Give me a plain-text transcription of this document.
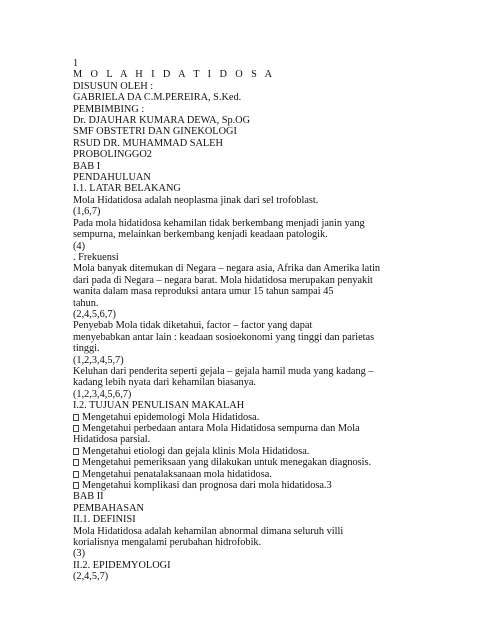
1
M O L A H I D A T I D O S A
DISUSUN OLEH :
GABRIELA DA C.M.PEREIRA, S.Ked.
PEMBIMBING :
Dr. DJAUHAR KUMARA DEWA, Sp.OG
SMF OBSTETRI DAN GINEKOLOGI
RSUD DR. MUHAMMAD SALEH
PROBOLINGGO2
BAB I
PENDAHULUAN
I.1. LATAR BELAKANG
Mola Hidatidosa adalah neoplasma jinak dari sel trofoblast.
(1,6,7)
Pada mola hidatidosa kehamilan tidak berkembang menjadi janin yang
sempurna, melainkan berkembang kenjadi keadaan patologik.
(4)
. Frekuensi
Mola banyak ditemukan di Negara – negara asia, Afrika dan Amerika latin
dari pada di Negara – negara barat. Mola hidatidosa merupakan penyakit
wanita dalam masa reproduksi antara umur 15 tahun sampai 45
tahun.
(2,4,5,6,7)
Penyebab Mola tidak diketahui, factor – factor yang dapat
menyebabkan antar lain : keadaan sosioekonomi yang tinggi dan parietas
tinggi.
(1,2,3,4,5,7)
Keluhan dari penderita seperti gejala – gejala hamil muda yang kadang –
kadang lebih nyata dari kehamilan biasanya.
(1,2,3,4,5,6,7)
I.2. TUJUAN PENULISAN MAKALAH
Mengetahui epidemologi Mola Hidatidosa.
Mengetahui perbedaan antara Mola Hidatidosa sempurna dan Mola
Hidatidosa parsial.
Mengetahui etiologi dan gejala klinis Mola Hidatidosa.
Mengetahui pemeriksaan yang dilakukan untuk menegakan diagnosis.
Mengetahui penatalaksanaan mola hidatidosa.
Mengetahui komplikasi dan prognosa dari mola hidatidosa.3
BAB II
PEMBAHASAN
II.1. DEFINISI
Mola Hidatidosa adalah kehamilan abnormal dimana seluruh villi
korialisnya mengalami perubahan hidrofobik.
(3)
II.2. EPIDEMYOLOGI
(2,4,5,7)
